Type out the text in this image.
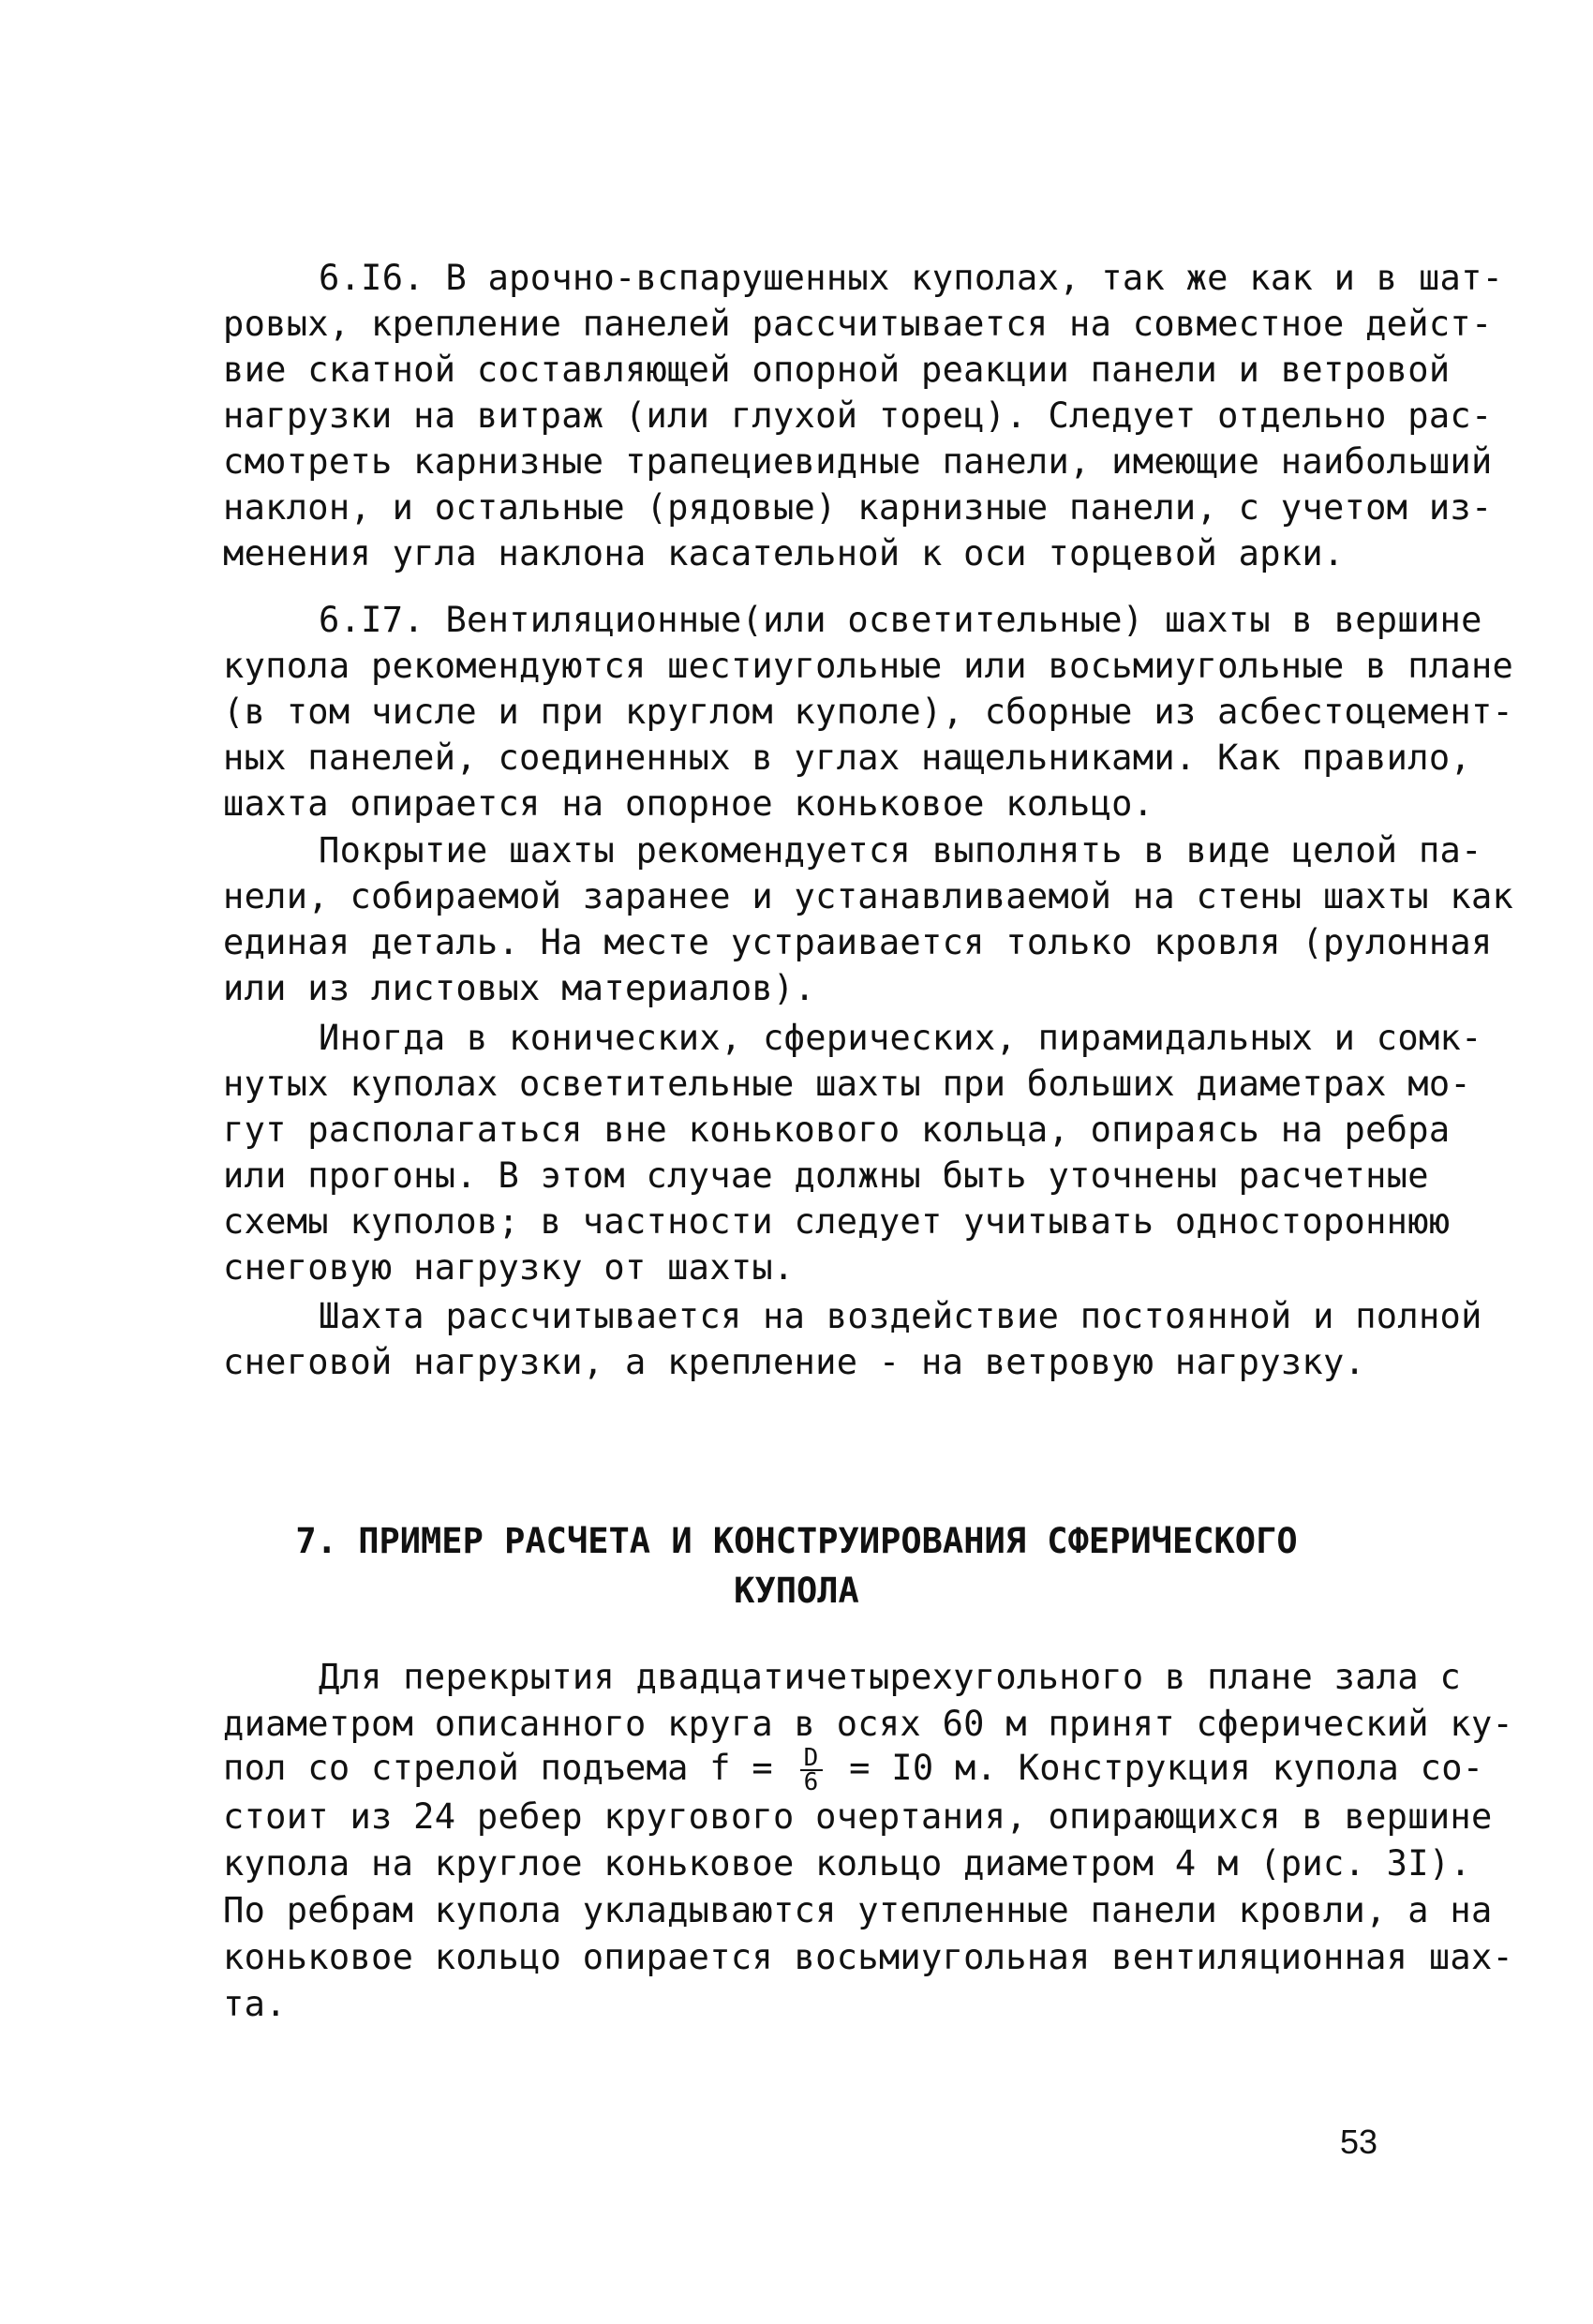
6.I6. В арочно-вспарушенных куполах, так же как и в шат-
ровых, крепление панелей рассчитывается на совместное дейст-
вие скатной составляющей опорной реакции панели и ветровой
нагрузки на витраж (или глухой торец). Следует отдельно рас-
смотреть карнизные трапециевидные панели, имеющие наибольший
наклон, и остальные (рядовые) карнизные панели, с учетом из-
менения угла наклона касательной к оси торцевой арки.
6.I7. Вентиляционные(или осветительные) шахты в вершине
купола рекомендуются шестиугольные или восьмиугольные в плане
(в том числе и при круглом куполе), сборные из асбестоцемент-
ных панелей, соединенных в углах нащельниками. Как правило,
шахта опирается на опорное коньковое кольцо.
Покрытие шахты рекомендуется выполнять в виде целой па-
нели, собираемой заранее и устанавливаемой на стены шахты как
единая деталь. На месте устраивается только кровля (рулонная
или из листовых материалов).
Иногда в конических, сферических, пирамидальных и сомк-
нутых куполах осветительные шахты при больших диаметрах мо-
гут располагаться вне конькового кольца, опираясь на ребра
или прогоны. В этом случае должны быть уточнены расчетные
схемы куполов; в частности следует учитывать одностороннюю
снеговую нагрузку от шахты.
Шахта рассчитывается на воздействие постоянной и полной
снеговой нагрузки, а крепление - на ветровую нагрузку.
7. ПРИМЕР РАСЧЕТА И КОНСТРУИРОВАНИЯ СФЕРИЧЕСКОГО
КУПОЛА
Для перекрытия двадцатичетырехугольного в плане зала с
диаметром описанного круга в осях 60 м принят сферический ку-
пол со стрелой подъема $f = \frac{D}{6} = I0$ м. Конструкция купола со-
стоит из 24 ребер кругового очертания, опирающихся в вершине
купола на круглое коньковое кольцо диаметром 4 м (рис. 3I).
По ребрам купола укладываются утепленные панели кровли, а на
коньковое кольцо опирается восьмиугольная вентиляционная шах-
та.
53
